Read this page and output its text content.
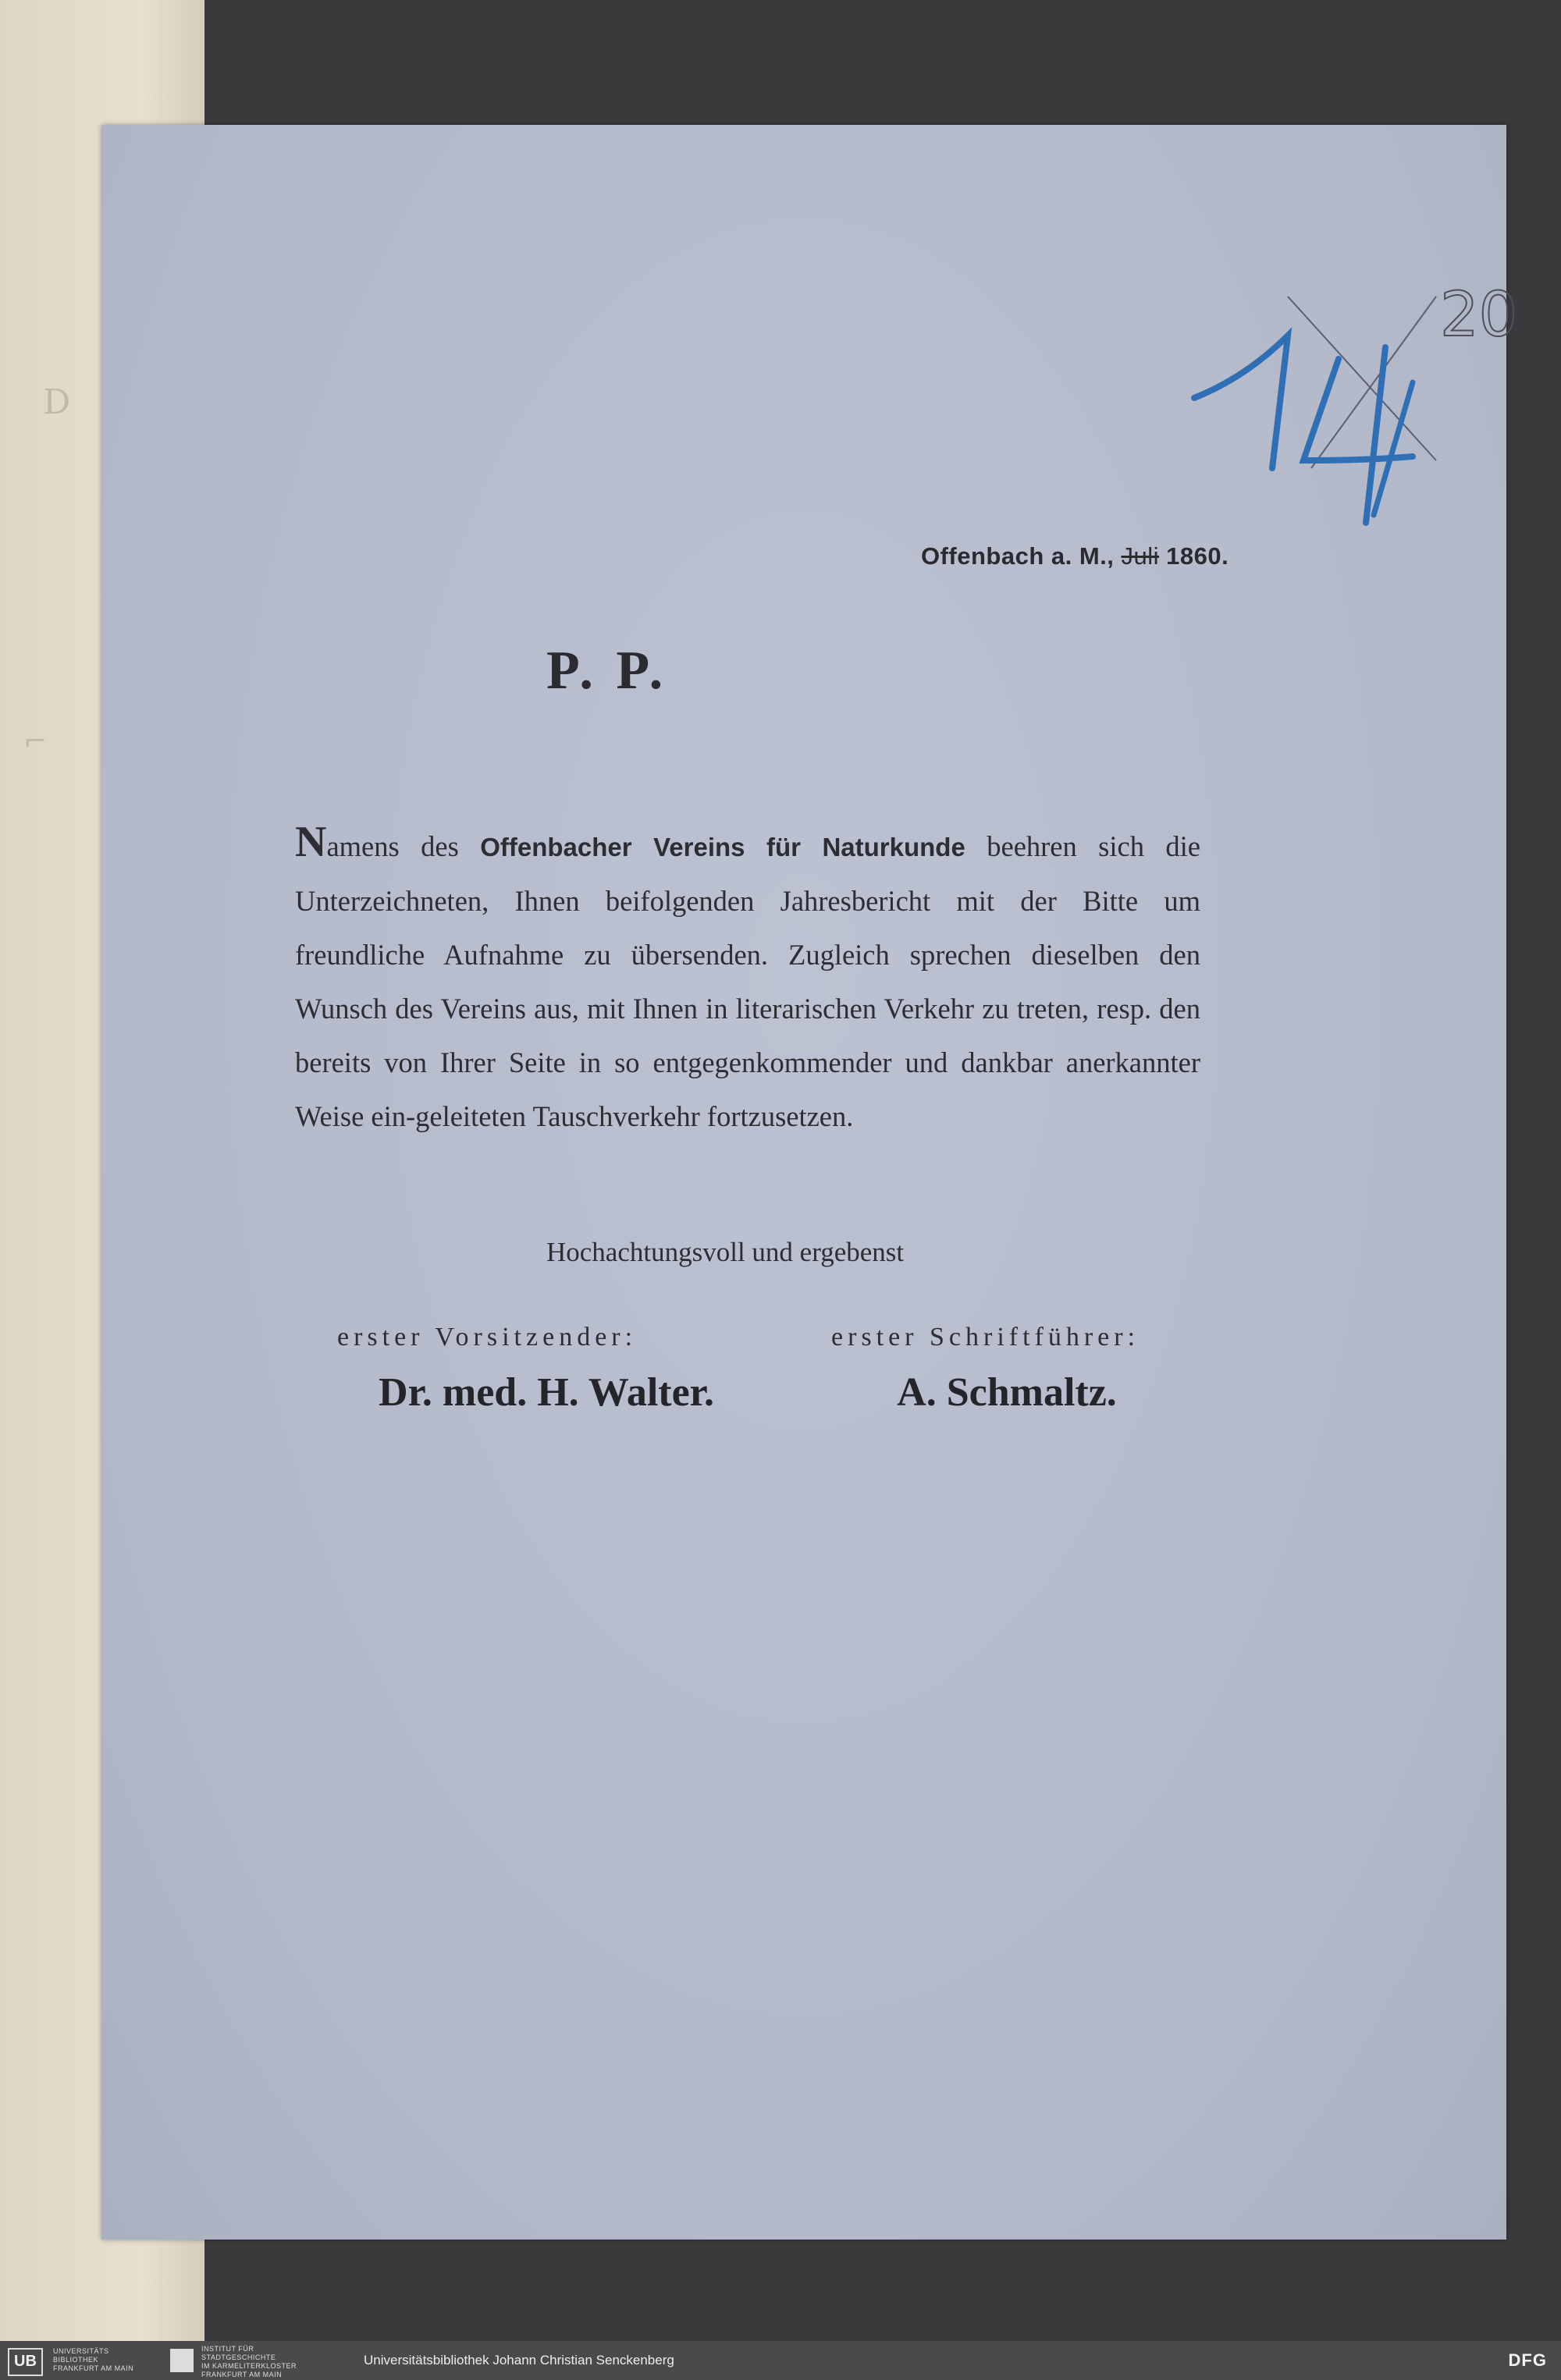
D
⌐
20
Offenbach a. M., Juli 1860.
P. P.
Namens des Offenbacher Vereins für Naturkunde beehren sich die Unterzeichneten, Ihnen beifolgenden Jahresbericht mit der Bitte um freundliche Aufnahme zu übersenden. Zugleich sprechen dieselben den Wunsch des Vereins aus, mit Ihnen in literarischen Verkehr zu treten, resp. den bereits von Ihrer Seite in so entgegenkommender und dankbar anerkannter Weise ein-geleiteten Tauschverkehr fortzusetzen.
Hochachtungsvoll und ergebenst
erster Vorsitzender:	erster Schriftführer:
Dr. med. H. Walter.	A. Schmaltz.
UB
UNIVERSITÄTS
BIBLIOTHEK
FRANKFURT AM MAIN
INSTITUT FÜR
STADTGESCHICHTE
IM KARMELITERKLOSTER
FRANKFURT AM MAIN
Universitätsbibliothek Johann Christian Senckenberg	DFG
